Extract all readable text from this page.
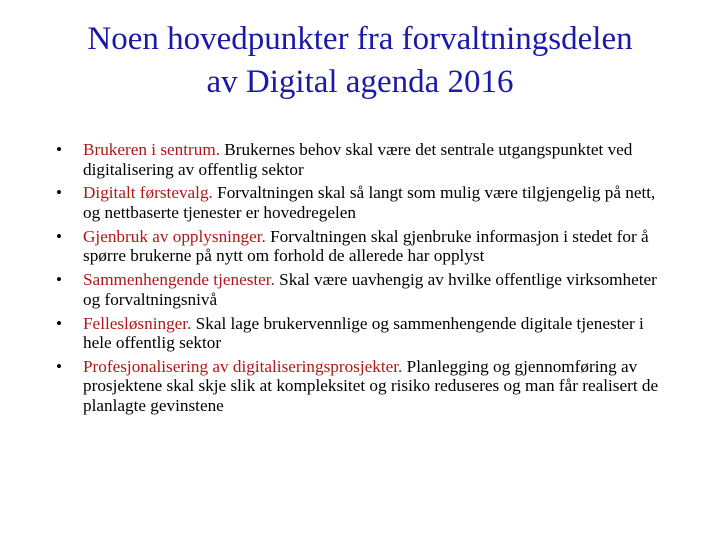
Noen hovedpunkter fra forvaltningsdelen
av Digital agenda 2016
•	Brukeren i sentrum. Brukernes behov skal være det sentrale utgangspunktet ved digitalisering av offentlig sektor
•	Digitalt førstevalg. Forvaltningen skal så langt som mulig være tilgjengelig på nett, og nettbaserte tjenester er hovedregelen
•	Gjenbruk av opplysninger. Forvaltningen skal gjenbruke informasjon i stedet for å spørre brukerne på nytt om forhold de allerede har opplyst
•	Sammenhengende tjenester. Skal være uavhengig av hvilke offentlige virksomheter og forvaltningsnivå
•	Fellesløsninger. Skal lage brukervennlige og sammenhengende digitale tjenester i hele offentlig sektor
•	Profesjonalisering av digitaliseringsprosjekter. Planlegging og gjennomføring av prosjektene skal skje slik at kompleksitet og risiko reduseres og man får realisert de planlagte gevinstene
